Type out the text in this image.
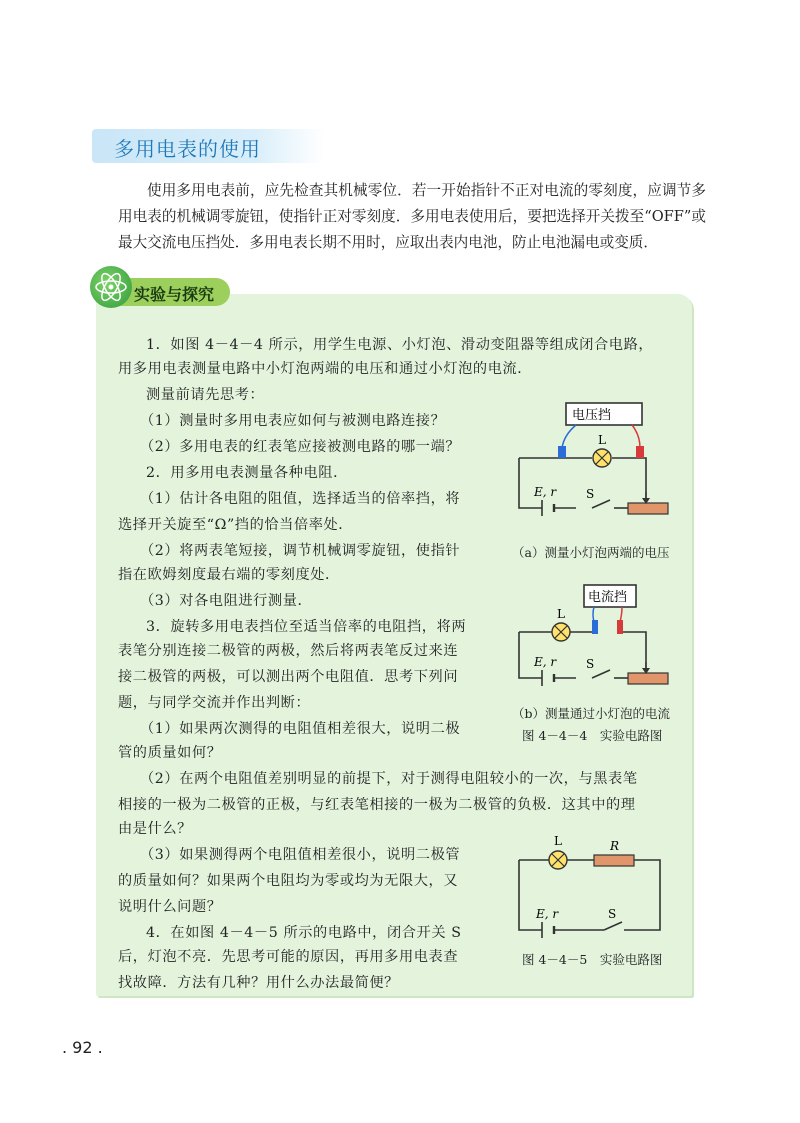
多用电表的使用

使用多用电表前，应先检查其机械零位．若一开始指针不正对电流的零刻度，应调节多用电表的机械调零旋钮，使指针正对零刻度．多用电表使用后，要把选择开关拨至“OFF”或最大交流电压挡处．多用电表长期不用时，应取出表内电池，防止电池漏电或变质．

实验与探究
1．如图 4－4－4 所示，用学生电源、小灯泡、滑动变阻器等组成闭合电路，
用多用电表测量电路中小灯泡两端的电压和通过小灯泡的电流．
测量前请先思考：
（1）测量时多用电表应如何与被测电路连接？
（2）多用电表的红表笔应接被测电路的哪一端？
2．用多用电表测量各种电阻．
（1）估计各电阻的阻值，选择适当的倍率挡，将
选择开关旋至“Ω”挡的恰当倍率处．
（2）将两表笔短接，调节机械调零旋钮，使指针
指在欧姆刻度最右端的零刻度处．
（3）对各电阻进行测量．
3．旋转多用电表挡位至适当倍率的电阻挡，将两
表笔分别连接二极管的两极，然后将两表笔反过来连
接二极管的两极，可以测出两个电阻值．思考下列问
题，与同学交流并作出判断：
（1）如果两次测得的电阻值相差很大，说明二极
管的质量如何？
（2）在两个电阻值差别明显的前提下，对于测得电阻较小的一次，与黑表笔
相接的一极为二极管的正极，与红表笔相接的一极为二极管的负极．这其中的理
由是什么？
（3）如果测得两个电阻值相差很小，说明二极管
的质量如何？如果两个电阻均为零或均为无限大，又
说明什么问题？
4．在如图 4－4－5 所示的电路中，闭合开关 S
后，灯泡不亮．先思考可能的原因，再用多用电表查
找故障．方法有几种？用什么办法最简便？
电压挡
L
E, r S
（a）测量小灯泡两端的电压
电流挡
L
E, r S
（b）测量通过小灯泡的电流
图 4－4－4　实验电路图
L	R
E, r	S
图 4－4－5　实验电路图
. 92 .
